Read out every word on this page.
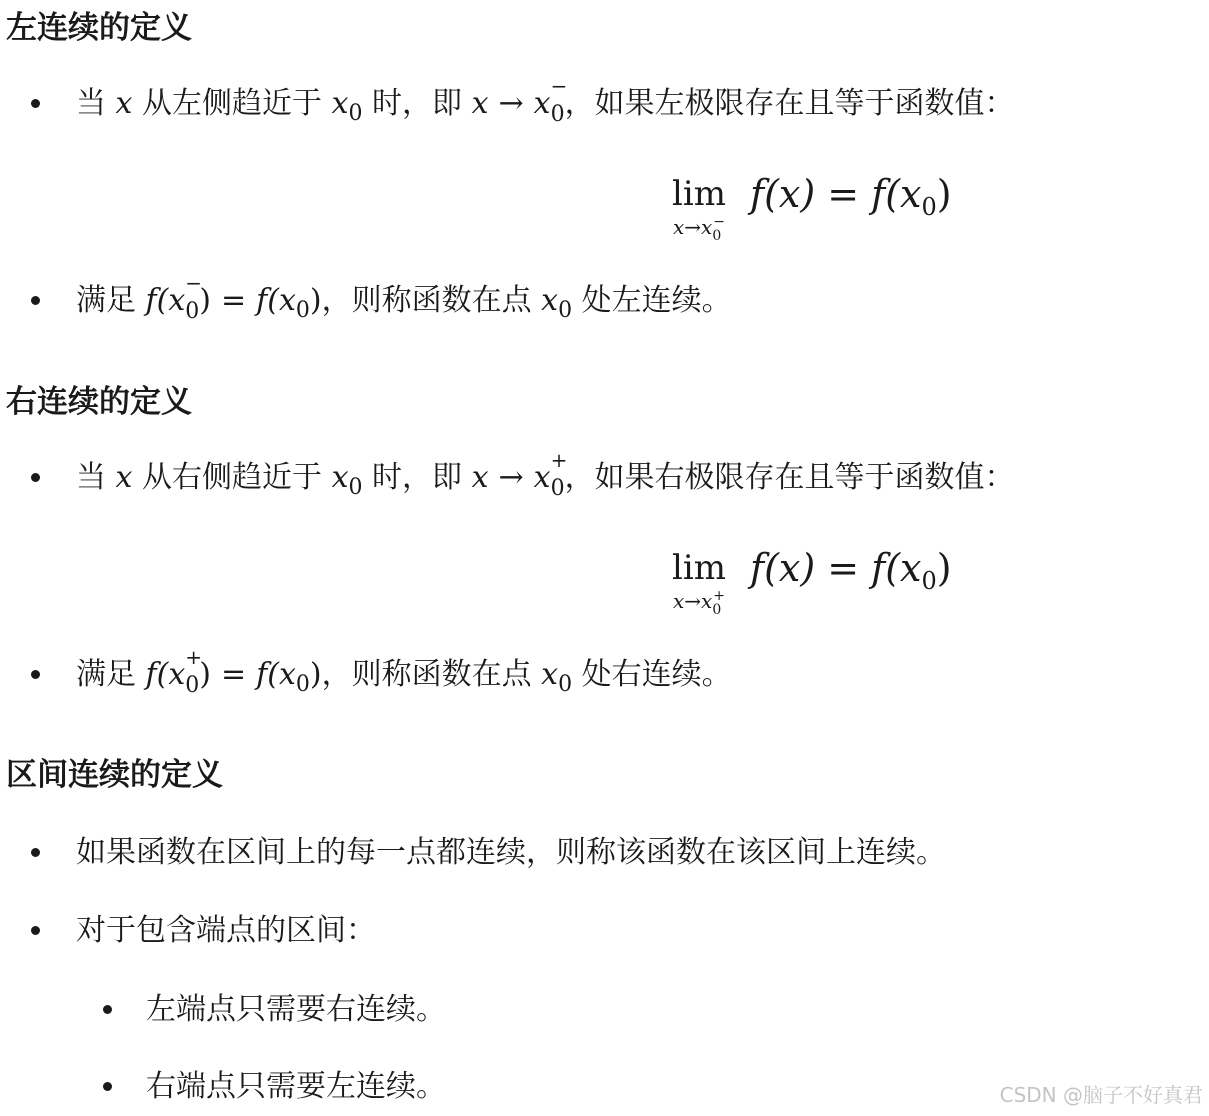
左连续的定义
当 x 从左侧趋近于 $x_0$ 时，即 x → x −
0 ，如果左极限存在且等于函数值：
lim
$x\to x_0^-$
$f(x) = f(x_0)$
满足 f(x −
0 ) = $f(x_0)$，则称函数在点 $x_0$ 处左连续。
右连续的定义
当 x 从右侧趋近于 $x_0$ 时，即 x → x +
0 ，如果右极限存在且等于函数值：
lim
$x\to x_0^+$
$f(x) = f(x_0)$
满足 f(x +
0 ) = $f(x_0)$，则称函数在点 $x_0$ 处右连续。
区间连续的定义
如果函数在区间上的每一点都连续，则称该函数在该区间上连续。
对于包含端点的区间：
左端点只需要右连续。
右端点只需要左连续。	CSDN @脑子不好真君
